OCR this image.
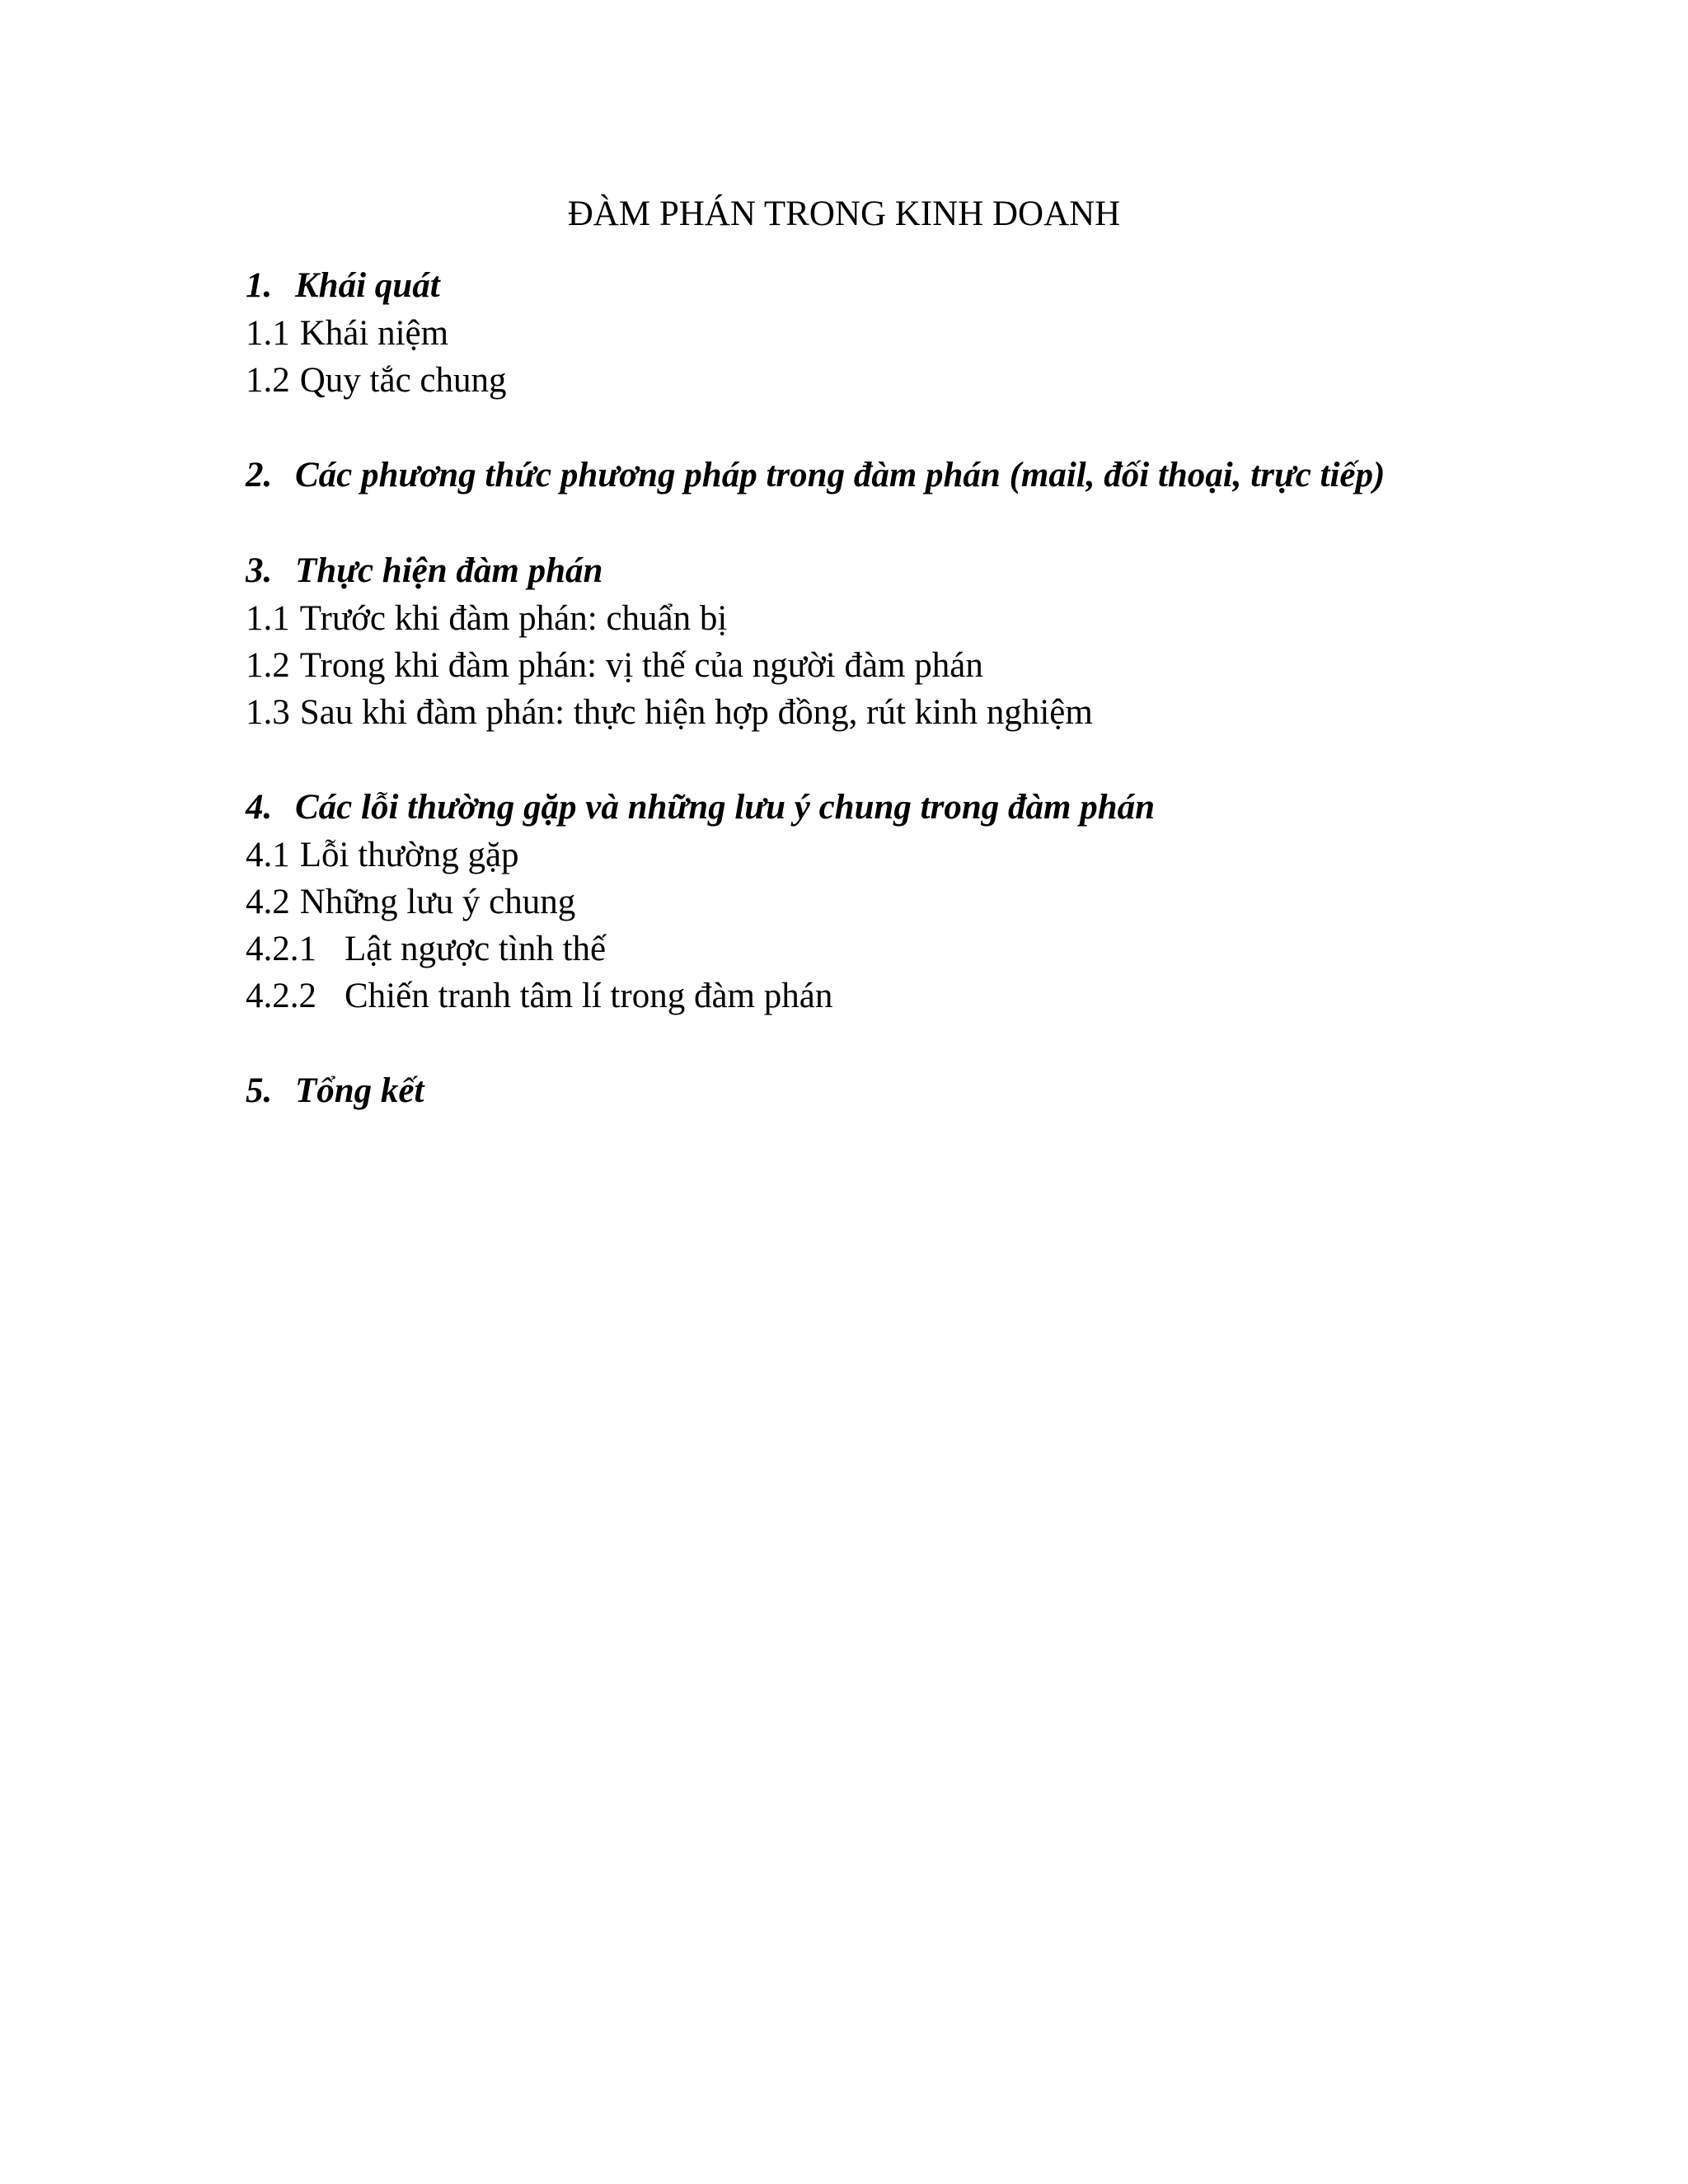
ĐÀM PHÁN TRONG KINH DOANH
1. Khái quát
1.1 Khái niệm
1.2 Quy tắc chung
2. Các phương thức phương pháp trong đàm phán (mail, đối thoại, trực tiếp)
3. Thực hiện đàm phán
1.1 Trước khi đàm phán: chuẩn bị
1.2 Trong khi đàm phán: vị thế của người đàm phán
1.3 Sau khi đàm phán: thực hiện hợp đồng, rút kinh nghiệm
4. Các lỗi thường gặp và những lưu ý chung trong đàm phán
4.1 Lỗi thường gặp
4.2 Những lưu ý chung
4.2.1 Lật ngược tình thế
4.2.2 Chiến tranh tâm lí trong đàm phán
5. Tổng kết
